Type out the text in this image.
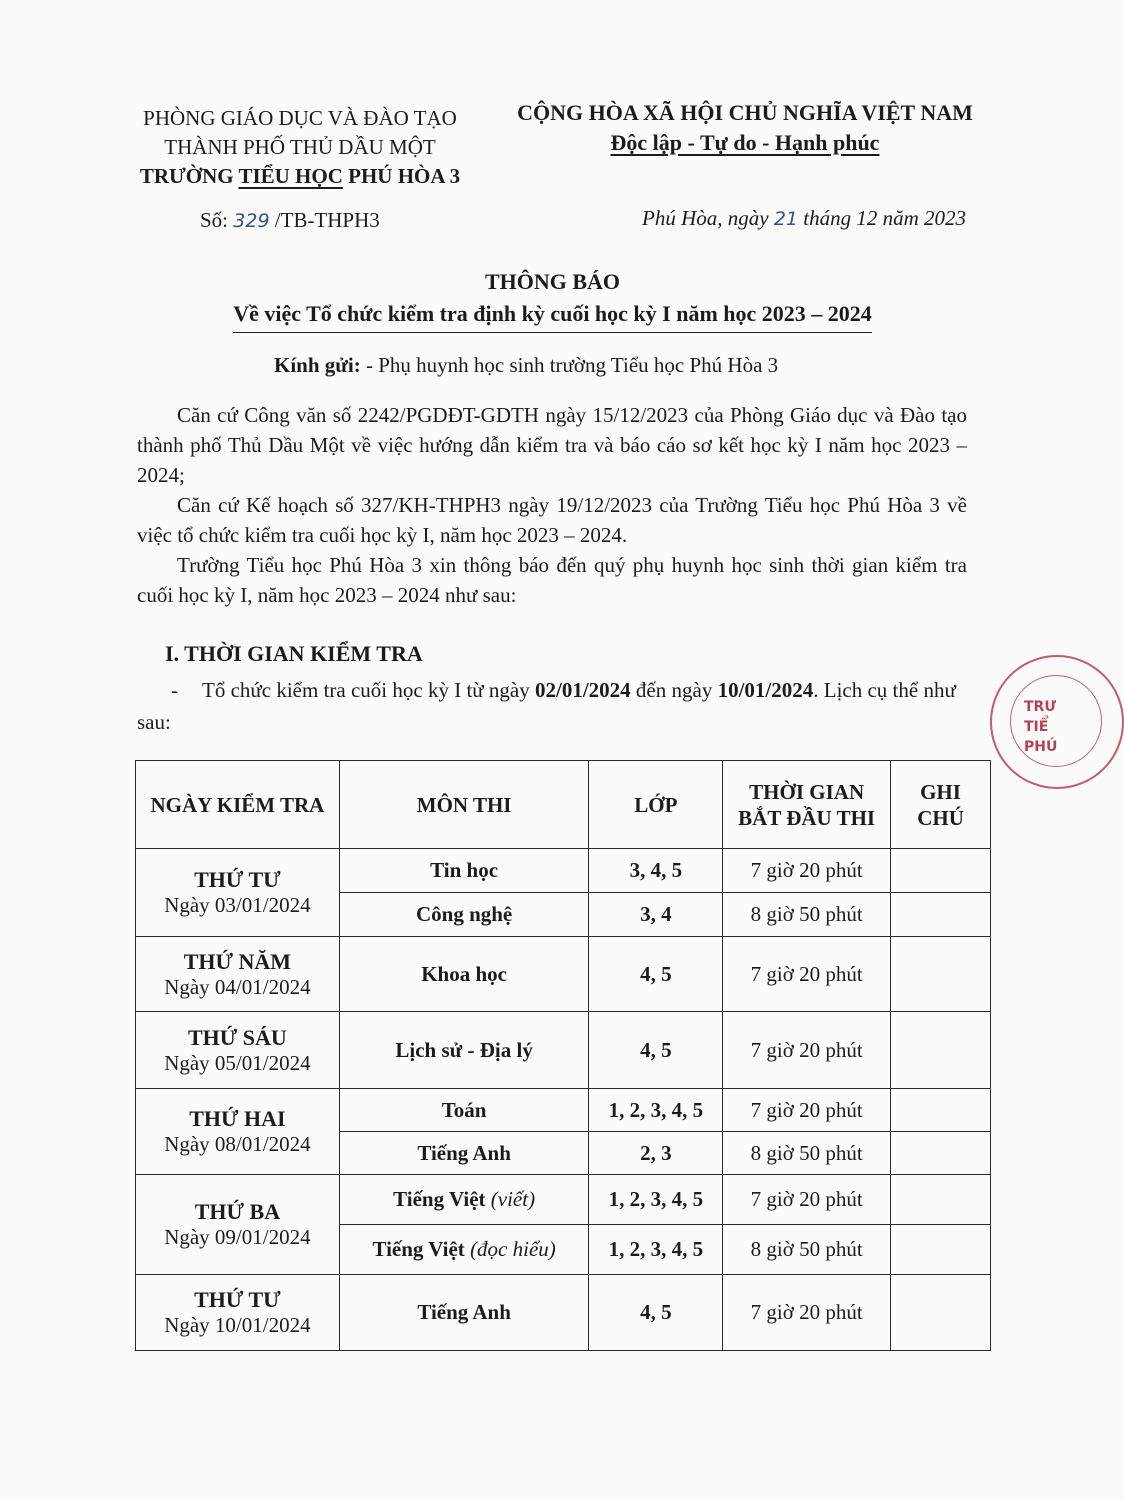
PHÒNG GIÁO DỤC VÀ ĐÀO TẠO
THÀNH PHỐ THỦ DẦU MỘT
TRƯỜNG TIỂU HỌC PHÚ HÒA 3
CỘNG HÒA XÃ HỘI CHỦ NGHĨA VIỆT NAM
Độc lập - Tự do - Hạnh phúc
Số: 329 /TB-THPH3	Phú Hòa, ngày 21 tháng 12 năm 2023
THÔNG BÁO
Về việc Tổ chức kiểm tra định kỳ cuối học kỳ I năm học 2023 – 2024
Kính gửi: - Phụ huynh học sinh trường Tiểu học Phú Hòa 3

Căn cứ Công văn số 2242/PGDĐT-GDTH ngày 15/12/2023 của Phòng Giáo dục và Đào tạo thành phố Thủ Dầu Một về việc hướng dẫn kiểm tra và báo cáo sơ kết học kỳ I năm học 2023 – 2024;

Căn cứ Kế hoạch số 327/KH-THPH3 ngày 19/12/2023 của Trường Tiểu học Phú Hòa 3 về việc tổ chức kiểm tra cuối học kỳ I, năm học 2023 – 2024.

Trường Tiểu học Phú Hòa 3 xin thông báo đến quý phụ huynh học sinh thời gian kiểm tra cuối học kỳ I, năm học 2023 – 2024 như sau:

I. THỜI GIAN KIỂM TRA
- Tổ chức kiểm tra cuối học kỳ I từ ngày 02/01/2024 đến ngày 10/01/2024. Lịch cụ thể như sau:
NGÀY KIỂM TRA	MÔN THI	LỚP	THỜI GIAN BẮT ĐẦU THI	GHI CHÚ

THỨ TƯ
Ngày 03/01/2024	Tin học	3, 4, 5	7 giờ 20 phút	
	Công nghệ	3, 4	8 giờ 50 phút	

THỨ NĂM
Ngày 04/01/2024	Khoa học	4, 5	7 giờ 20 phút	

THỨ SÁU
Ngày 05/01/2024	Lịch sử - Địa lý	4, 5	7 giờ 20 phút	

THỨ HAI
Ngày 08/01/2024	Toán	1, 2, 3, 4, 5	7 giờ 20 phút	
	Tiếng Anh	2, 3	8 giờ 50 phút	

THỨ BA
Ngày 09/01/2024	Tiếng Việt (viết)	1, 2, 3, 4, 5	7 giờ 20 phút	
	Tiếng Việt (đọc hiểu)	1, 2, 3, 4, 5	8 giờ 50 phút	

THỨ TƯ
Ngày 10/01/2024	Tiếng Anh	4, 5	7 giờ 20 phút	
TRƯ
TIỂ
PHÚ
